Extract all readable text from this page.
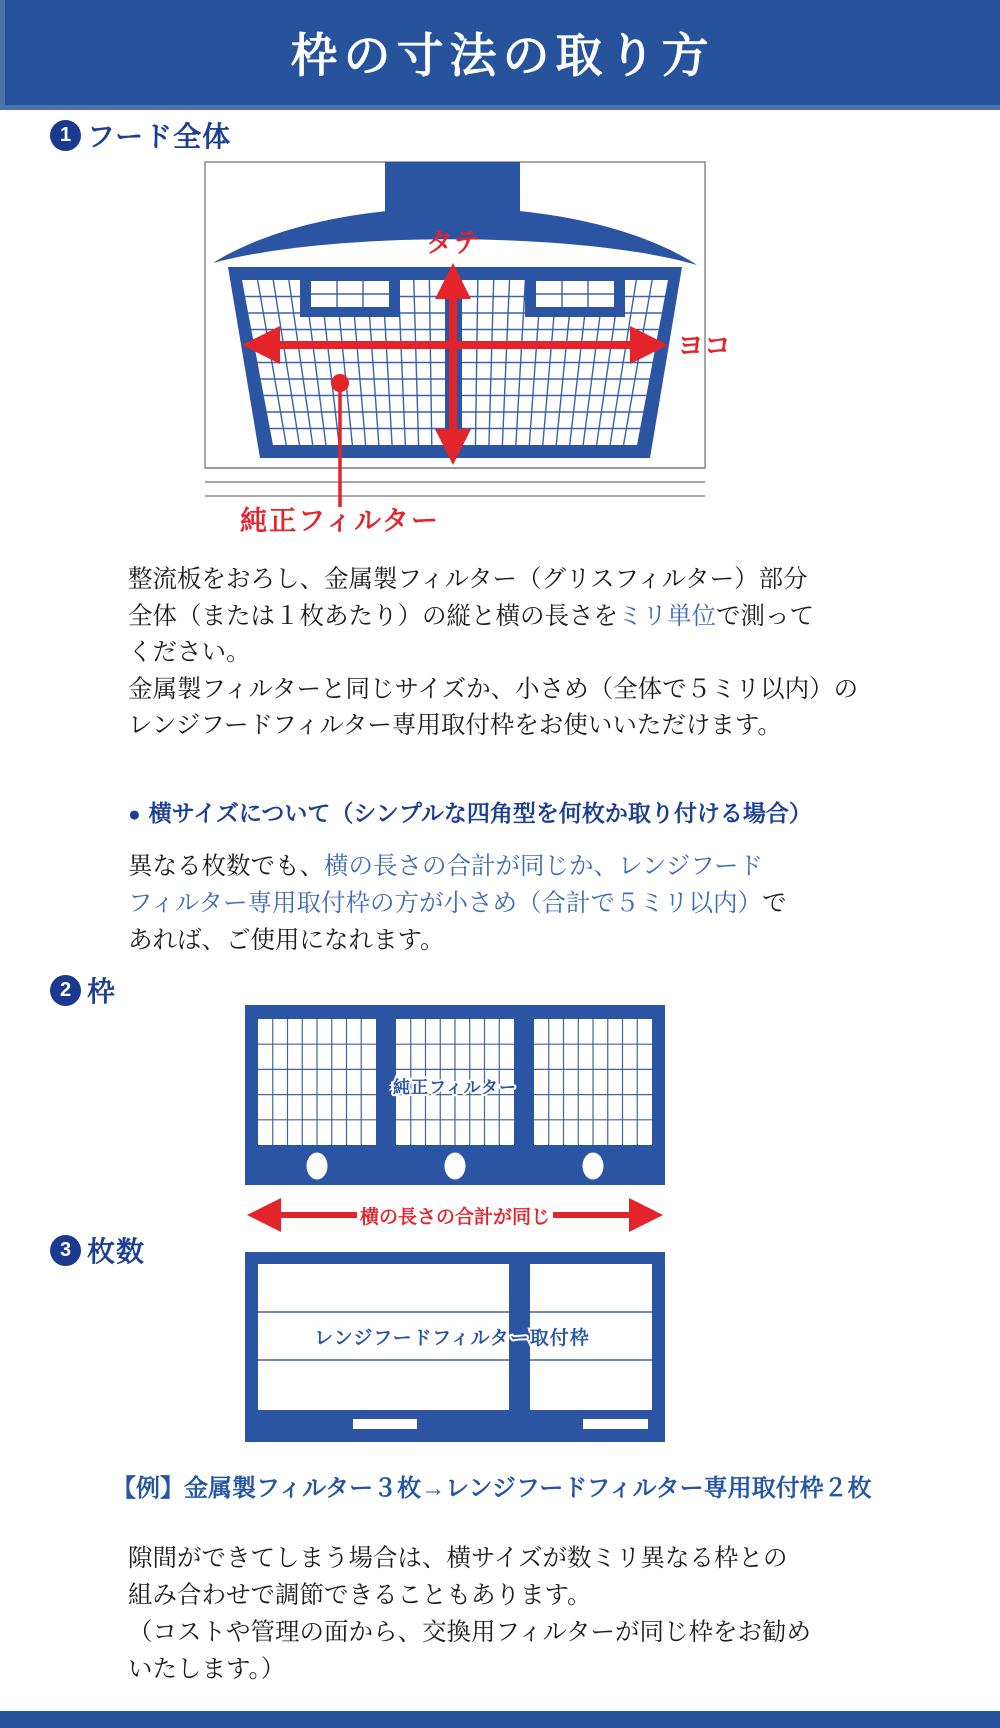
枠の寸法の取り方
1 フード全体
タテ
ヨコ
純正フィルター
整流板をおろし、金属製フィルター（グリスフィルター）部分
全体（または１枚あたり）の縦と横の長さをミリ単位で測って
ください。
金属製フィルターと同じサイズか、小さめ（全体で５ミリ以内）の
レンジフードフィルター専用取付枠をお使いいただけます。
● 横サイズについて（シンプルな四角型を何枚か取り付ける場合）
異なる枚数でも、横の長さの合計が同じか、レンジフード
フィルター専用取付枠の方が小さめ（合計で５ミリ以内）で
あれば、ご使用になれます。
2 枠
純正フィルター
横の長さの合計が同じ
3 枚数
レンジフードフィルター取付枠
【例】金属製フィルター３枚→レンジフードフィルター専用取付枠２枚
隙間ができてしまう場合は、横サイズが数ミリ異なる枠との
組み合わせで調節できることもあります。
（コストや管理の面から、交換用フィルターが同じ枠をお勧め
いたします。）
